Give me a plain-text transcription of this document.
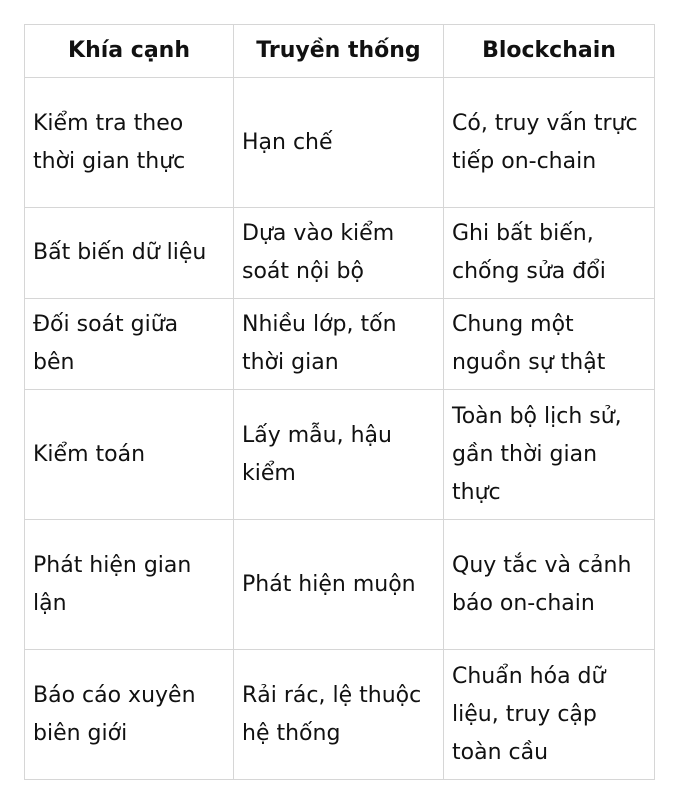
Khía cạnh	Truyền thống	Blockchain
Kiểm tra theo thời gian thực	Hạn chế	Có, truy vấn trực tiếp on-chain
Bất biến dữ liệu	Dựa vào kiểm soát nội bộ	Ghi bất biến, chống sửa đổi
Đối soát giữa bên	Nhiều lớp, tốn thời gian	Chung một nguồn sự thật
Kiểm toán	Lấy mẫu, hậu kiểm	Toàn bộ lịch sử, gần thời gian thực
Phát hiện gian lận	Phát hiện muộn	Quy tắc và cảnh báo on-chain
Báo cáo xuyên biên giới	Rải rác, lệ thuộc hệ thống	Chuẩn hóa dữ liệu, truy cập toàn cầu
